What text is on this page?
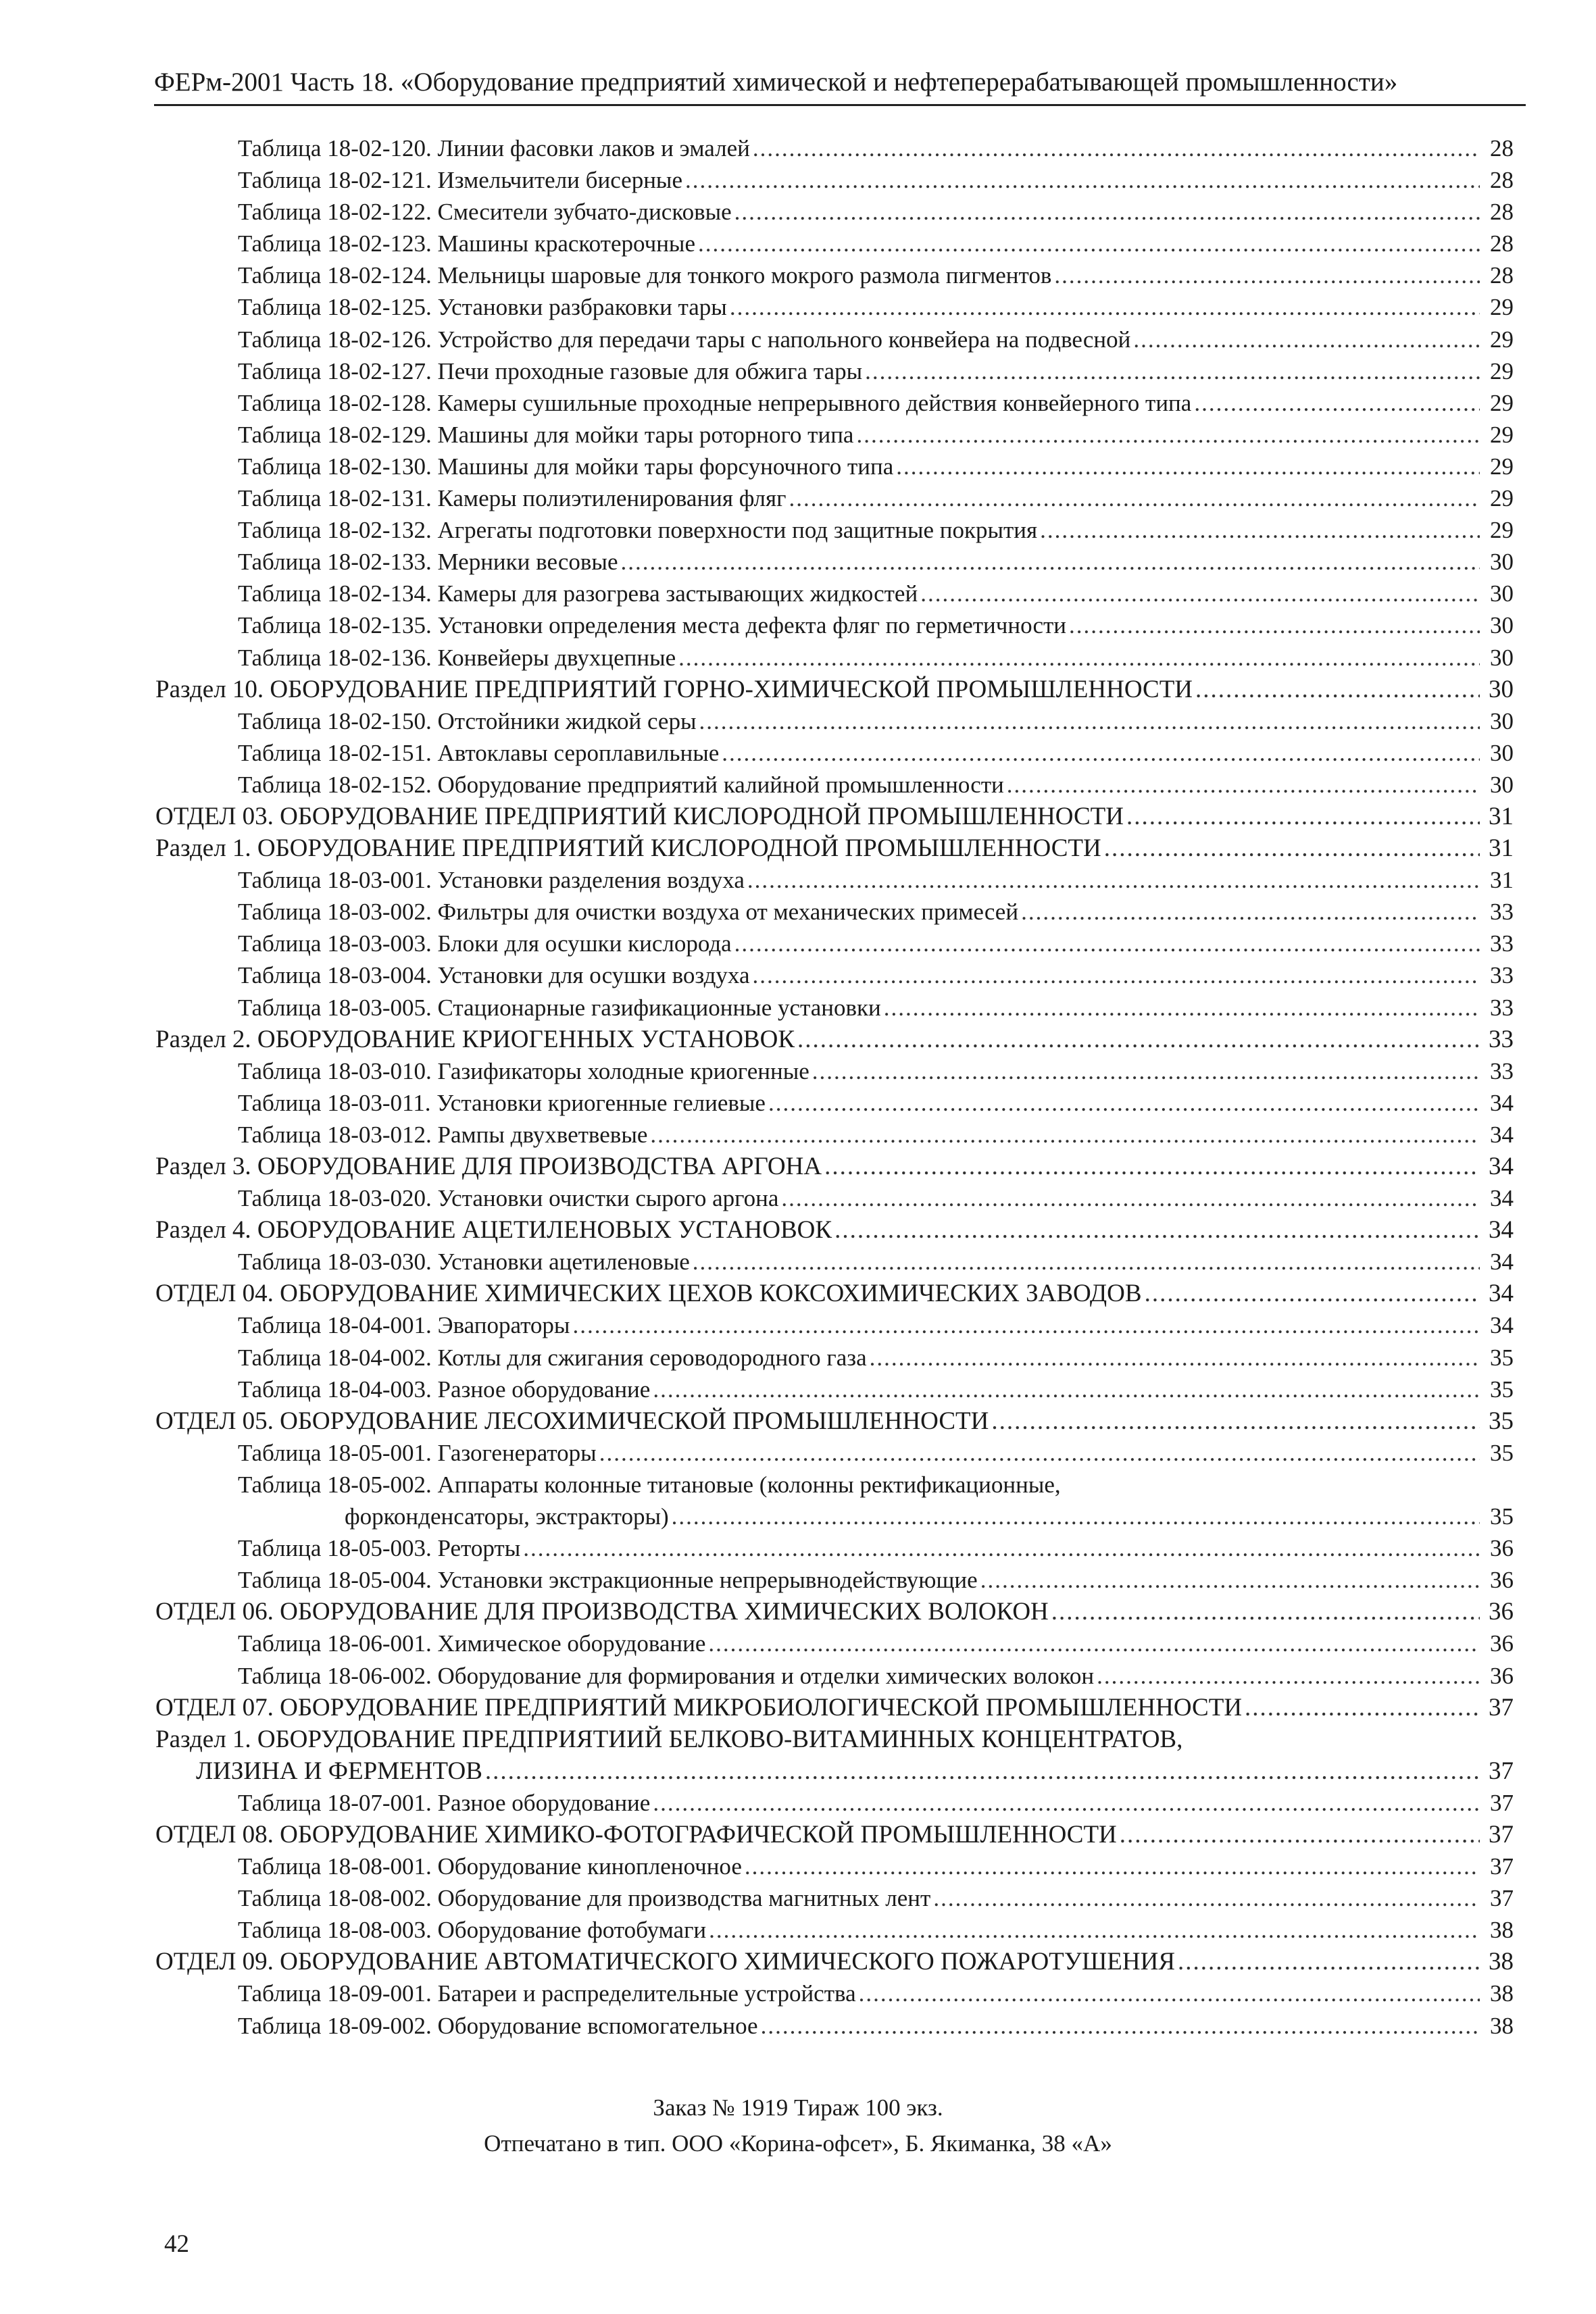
ФЕРм-2001 Часть 18. «Оборудование предприятий химической и нефтеперерабатывающей промышленности»
Таблица 18-02-120. Линии фасовки лаков и эмалей .....	28
Таблица 18-02-121. Измельчители бисерные .....	28
Таблица 18-02-122. Смесители зубчато-дисковые .....	28
Таблица 18-02-123. Машины краскотерочные .....	28
Таблица 18-02-124. Мельницы шаровые для тонкого мокрого размола пигментов .....	28
Таблица 18-02-125. Установки разбраковки тары .....	29
Таблица 18-02-126. Устройство для передачи тары с напольного конвейера на подвесной .....	29
Таблица 18-02-127. Печи проходные газовые для обжига тары .....	29
Таблица 18-02-128. Камеры сушильные проходные непрерывного действия конвейерного типа .....	29
Таблица 18-02-129. Машины для мойки тары роторного типа .....	29
Таблица 18-02-130. Машины для мойки тары форсуночного типа .....	29
Таблица 18-02-131. Камеры полиэтиленирования фляг .....	29
Таблица 18-02-132. Агрегаты подготовки поверхности под защитные покрытия .....	29
Таблица 18-02-133. Мерники весовые .....	30
Таблица 18-02-134. Камеры для разогрева застывающих жидкостей .....	30
Таблица 18-02-135. Установки определения места дефекта фляг по герметичности .....	30
Таблица 18-02-136. Конвейеры двухцепные .....	30
Раздел 10. ОБОРУДОВАНИЕ ПРЕДПРИЯТИЙ ГОРНО-ХИМИЧЕСКОЙ ПРОМЫШЛЕННОСТИ .....	30
Таблица 18-02-150. Отстойники жидкой серы .....	30
Таблица 18-02-151. Автоклавы сероплавильные .....	30
Таблица 18-02-152. Оборудование предприятий калийной промышленности .....	30
ОТДЕЛ 03. ОБОРУДОВАНИЕ ПРЕДПРИЯТИЙ КИСЛОРОДНОЙ ПРОМЫШЛЕННОСТИ .....	31
Раздел 1. ОБОРУДОВАНИЕ ПРЕДПРИЯТИЙ КИСЛОРОДНОЙ ПРОМЫШЛЕННОСТИ .....	31
Таблица 18-03-001. Установки разделения воздуха .....	31
Таблица 18-03-002. Фильтры для очистки воздуха от механических примесей .....	33
Таблица 18-03-003. Блоки для осушки кислорода .....	33
Таблица 18-03-004. Установки для осушки воздуха .....	33
Таблица 18-03-005. Стационарные газификационные установки .....	33
Раздел 2. ОБОРУДОВАНИЕ КРИОГЕННЫХ УСТАНОВОК .....	33
Таблица 18-03-010. Газификаторы холодные криогенные .....	33
Таблица 18-03-011. Установки криогенные гелиевые .....	34
Таблица 18-03-012. Рампы двухветвевые .....	34
Раздел 3. ОБОРУДОВАНИЕ ДЛЯ ПРОИЗВОДСТВА АРГОНА .....	34
Таблица 18-03-020. Установки очистки сырого аргона .....	34
Раздел 4. ОБОРУДОВАНИЕ АЦЕТИЛЕНОВЫХ УСТАНОВОК .....	34
Таблица 18-03-030. Установки ацетиленовые .....	34
ОТДЕЛ 04. ОБОРУДОВАНИЕ ХИМИЧЕСКИХ ЦЕХОВ КОКСОХИМИЧЕСКИХ ЗАВОДОВ .....	34
Таблица 18-04-001. Эвапораторы .....	34
Таблица 18-04-002. Котлы для сжигания сероводородного газа .....	35
Таблица 18-04-003. Разное оборудование .....	35
ОТДЕЛ 05. ОБОРУДОВАНИЕ ЛЕСОХИМИЧЕСКОЙ ПРОМЫШЛЕННОСТИ .....	35
Таблица 18-05-001. Газогенераторы .....	35
Таблица 18-05-002. Аппараты колонные титановые (колонны ректификационные,
форконденсаторы, экстракторы) .....	35
Таблица 18-05-003. Реторты .....	36
Таблица 18-05-004. Установки экстракционные непрерывнодействующие .....	36
ОТДЕЛ 06. ОБОРУДОВАНИЕ ДЛЯ ПРОИЗВОДСТВА ХИМИЧЕСКИХ ВОЛОКОН .....	36
Таблица 18-06-001. Химическое оборудование .....	36
Таблица 18-06-002. Оборудование для формирования и отделки химических волокон .....	36
ОТДЕЛ 07. ОБОРУДОВАНИЕ ПРЕДПРИЯТИЙ МИКРОБИОЛОГИЧЕСКОЙ ПРОМЫШЛЕННОСТИ .....	37
Раздел 1. ОБОРУДОВАНИЕ ПРЕДПРИЯТИИЙ БЕЛКОВО-ВИТАМИННЫХ КОНЦЕНТРАТОВ,
ЛИЗИНА И ФЕРМЕНТОВ .....	37
Таблица 18-07-001. Разное оборудование .....	37
ОТДЕЛ 08. ОБОРУДОВАНИЕ ХИМИКО-ФОТОГРАФИЧЕСКОЙ ПРОМЫШЛЕННОСТИ .....	37
Таблица 18-08-001. Оборудование кинопленочное .....	37
Таблица 18-08-002. Оборудование для производства магнитных лент .....	37
Таблица 18-08-003. Оборудование фотобумаги .....	38
ОТДЕЛ 09. ОБОРУДОВАНИЕ АВТОМАТИЧЕСКОГО ХИМИЧЕСКОГО ПОЖАРОТУШЕНИЯ .....	38
Таблица 18-09-001. Батареи и распределительные устройства .....	38
Таблица 18-09-002. Оборудование вспомогательное .....	38
Заказ № 1919 Тираж 100 экз.
Отпечатано в тип. ООО «Корина-офсет», Б. Якиманка, 38 «А»
42
